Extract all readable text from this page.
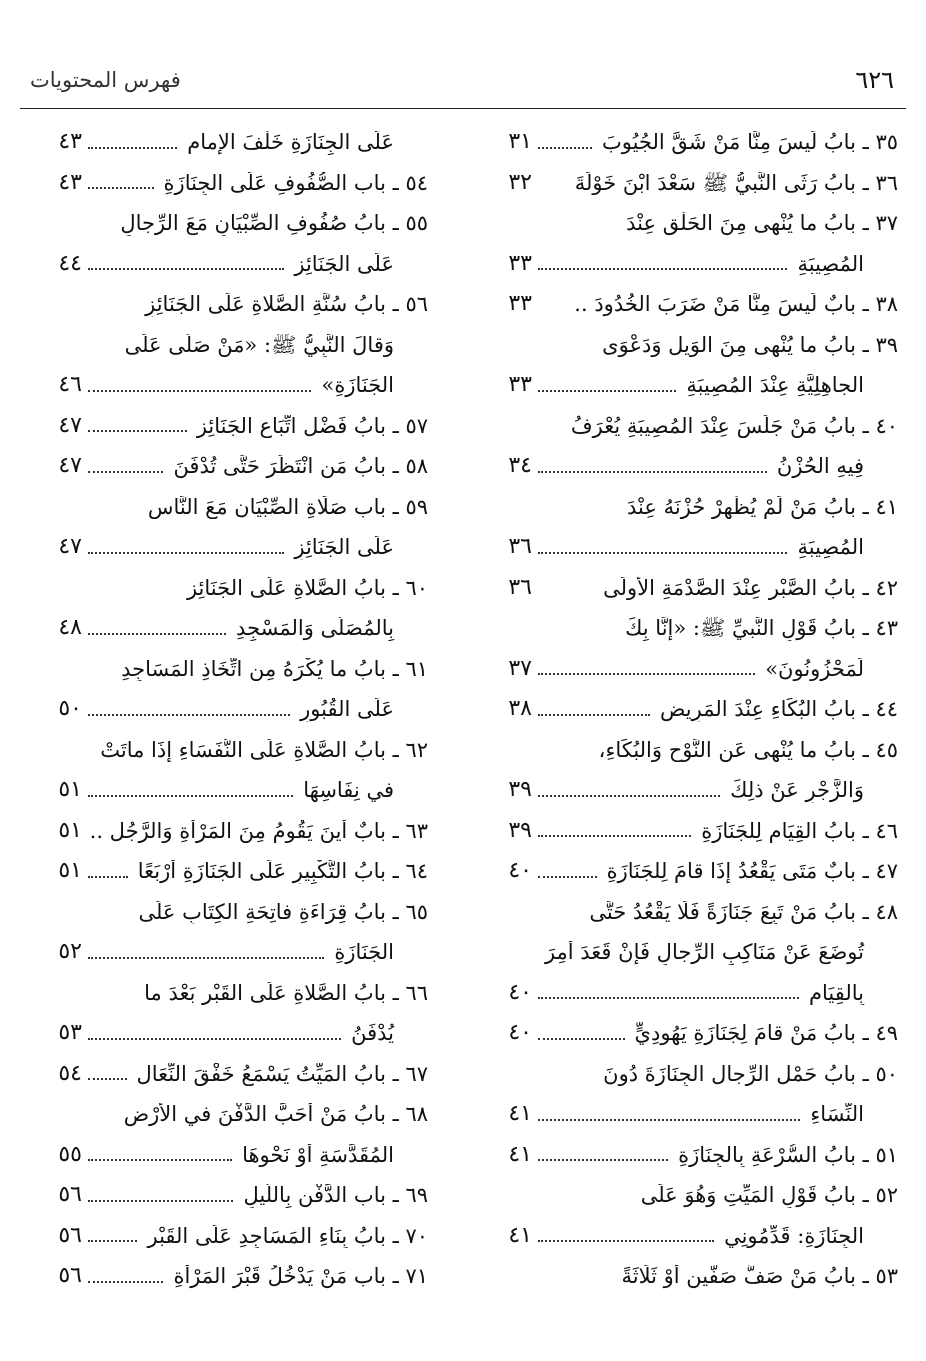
٦٢٦
فهرس المحتويات
٣٥ ـ بابُ لَيسَ مِنَّا مَنْ شَقَّ الجُيُوبَ
٣١
٣٦ ـ بابُ رَثَى النَّبيُّ ﷺ سَعْدَ ابْنَ خَوْلَةَ
٣٢
٣٧ ـ بابُ ما يُنْهى مِنَ الحَلْقِ عِنْدَ
المُصِيبَةِ
٣٣
٣٨ ـ بابٌ لَيسَ مِنَّا مَنْ ضَرَبَ الخُدُودَ ..
٣٣
٣٩ ـ بابُ ما يُنْهى مِنَ الوَيلِ وَدَعْوَى
الجاهِلِيَّةِ عِنْدَ المُصِيبَةِ
٣٣
٤٠ ـ بابُ مَنْ جَلَسَ عِنْدَ المُصِيبَةِ يُعْرَفُ
فِيهِ الحُزْنُ
٣٤
٤١ ـ بابُ مَنْ لَمْ يُظْهِرْ حُزْنَهُ عِنْدَ
المُصِيبَةِ
٣٦
٤٢ ـ بابُ الصَّبْرِ عِنْدَ الصَّدْمَةِ الأُولَى
٣٦
٤٣ ـ بابُ قَوْلِ النَّبيِّ ﷺ: «إِنَّا بِكَ
لَمَحْزُونُونَ»
٣٧
٤٤ ـ بابُ البُكَاءِ عِنْدَ المَرِيضِ
٣٨
٤٥ ـ بابُ ما يُنْهى عَنِ النَّوْحِ وَالبُكَاءِ،
وَالزَّجْرِ عَنْ ذلِكَ
٣٩
٤٦ ـ بابُ القِيَامِ لِلجَنَازَةِ
٣٩
٤٧ ـ بابٌ مَتَى يَقْعُدُ إِذَا قامَ لِلجَنَازَةِ
٤٠
٤٨ ـ بابُ مَنْ تَبِعَ جَنَازَةً فَلَا يَقْعُدُ حَتَّى
تُوضَعَ عَنْ مَنَاكِبِ الرِّجالِ فَإِنْ قَعَدَ أُمِرَ
بِالقِيَامِ
٤٠
٤٩ ـ بابُ مَنْ قامَ لِجَنَازَةِ يَهُودِيٍّ
٤٠
٥٠ ـ بابُ حَمْلِ الرِّجالِ الجِنَازَةَ دُونَ
النِّسَاءِ
٤١
٥١ ـ بابُ السُّرْعَةِ بِالجِنَازَةِ
٤١
٥٢ ـ بابُ قَوْلِ المَيِّتِ وَهُوَ عَلَى
الجِنَازَةِ: قَدِّمُونِي
٤١
٥٣ ـ بابُ مَنْ صَفَّ صَفَّينِ أَوْ ثَلَاثَةً
عَلَى الجِنَازَةِ خَلْفَ الإِمامِ
٤٣
٥٤ ـ باب الصُّفُوفِ عَلَى الجِنَازَةِ
٤٣
٥٥ ـ بابُ صُفُوفِ الصِّبْيَانِ مَعَ الرِّجالِ
عَلَى الجَنَائِزِ
٤٤
٥٦ ـ بابُ سُنَّةِ الصَّلاةِ عَلَى الجَنَائِزِ
وَقالَ النَّبِيُّ ﷺ: «مَنْ صَلَّى عَلَى
الجَنَازَةِ»
٤٦
٥٧ ـ بابُ فَضْلِ اتِّبَاعِ الجَنَائِزِ
٤٧
٥٨ ـ بابُ مَنِ انْتَظَرَ حَتَّى تُدْفَنَ
٤٧
٥٩ ـ باب صَلَاةِ الصِّبْيَانِ مَعَ النَّاسِ
عَلَى الجَنَائِزِ
٤٧
٦٠ ـ بابُ الصَّلاةِ عَلَى الجَنَائِزِ
بِالمُصَلَّى وَالمَسْجِدِ
٤٨
٦١ ـ بابُ ما يُكْرَهُ مِنِ اتِّخَاذِ المَسَاجِدِ
عَلَى القُبُورِ
٥٠
٦٢ ـ بابُ الصَّلاةِ عَلَى النُّفَسَاءِ إِذَا ماتَتْ
في نِفَاسِهَا
٥١
٦٣ ـ بابٌ أَينَ يَقُومُ مِنَ المَرْأَةِ وَالرَّجُلِ ..
٥١
٦٤ ـ بابُ التَّكْبِيرِ عَلَى الجَنَازَةِ أَرْبَعًا
٥١
٦٥ ـ بابُ قِرَاءَةِ فاتِحَةِ الكِتَابِ عَلَى
الجَنَازَةِ
٥٢
٦٦ ـ بابُ الصَّلاةِ عَلَى القَبْرِ بَعْدَ ما
يُدْفَنُ
٥٣
٦٧ ـ بابُ المَيِّتُ يَسْمَعُ خَفْقَ النِّعَالِ
٥٤
٦٨ ـ بابُ مَنْ أَحَبَّ الدَّفْنَ في الأَرْضِ
المُقَدَّسَةِ أَوْ نَحْوِهَا
٥٥
٦٩ ـ باب الدَّفْنِ بِاللَّيلِ
٥٦
٧٠ ـ بابُ بِنَاءِ المَسَاجِدِ عَلَى القَبْرِ
٥٦
٧١ ـ باب مَنْ يَدْخُلُ قَبْرَ المَرْأَةِ
٥٦
